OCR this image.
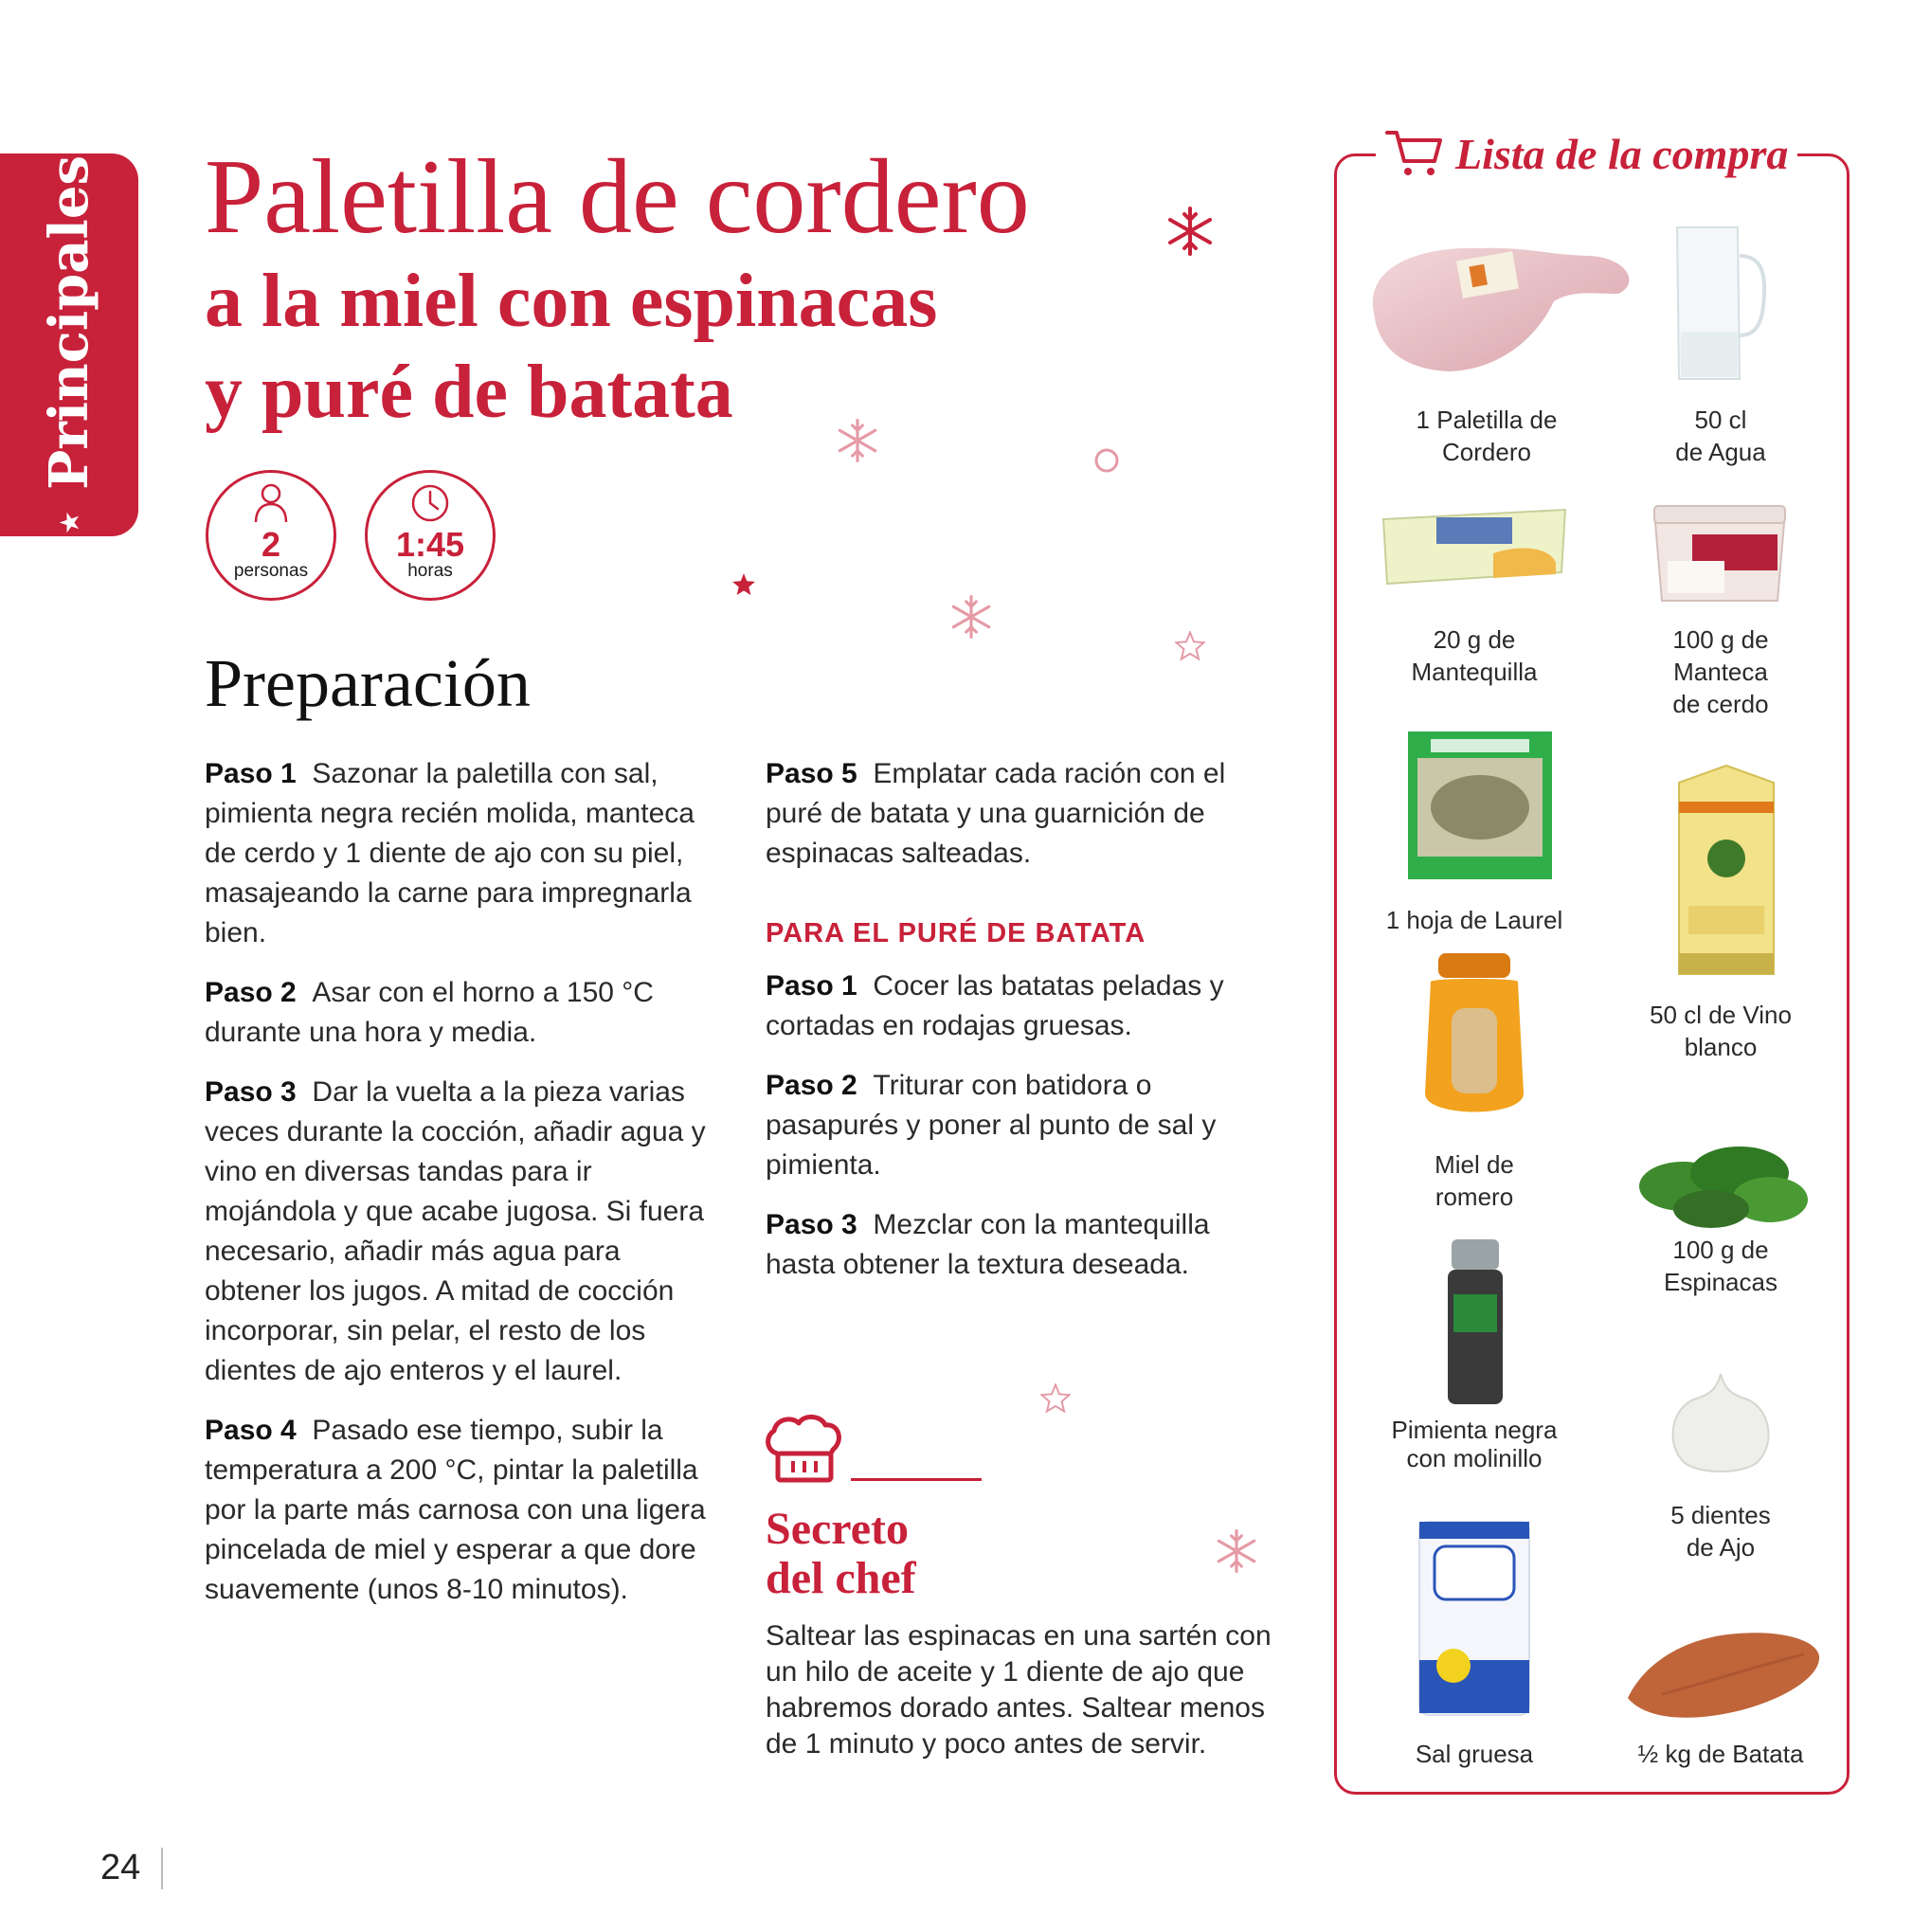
★
Principales Paletilla de cordero
a la miel con espinacas
y puré de batata
2
personas
1:45
horas
Preparación

Paso 1 Sazonar la paletilla con sal, pimienta negra recién molida, manteca de cerdo y 1 diente de ajo con su piel, masajeando la carne para impregnarla bien.

Paso 2 Asar con el horno a 150 °C durante una hora y media.

Paso 3 Dar la vuelta a la pieza varias veces durante la cocción, añadir agua y vino en diversas tandas para ir mojándola y que acabe jugosa. Si fuera necesario, añadir más agua para obtener los jugos. A mitad de cocción incorporar, sin pelar, el resto de los dientes de ajo enteros y el laurel.

Paso 4 Pasado ese tiempo, subir la temperatura a 200 °C, pintar la paletilla por la parte más carnosa con una ligera pincelada de miel y esperar a que dore suavemente (unos 8-10 minutos).

Paso 5 Emplatar cada ración con el puré de batata y una guarnición de espinacas salteadas.

PARA EL PURÉ DE BATATA

Paso 1 Cocer las batatas peladas y cortadas en rodajas gruesas.

Paso 2 Triturar con batidora o pasapurés y poner al punto de sal y pimienta.

Paso 3 Mezclar con la mantequilla hasta obtener la textura deseada.

Secreto
del chef
Saltear las espinacas en una sartén con un hilo de aceite y 1 diente de ajo que habremos dorado antes. Saltear menos de 1 minuto y poco antes de servir.
Lista de la compra
1 Paletilla de
Cordero
50 cl
de Agua
20 g de
Mantequilla
100 g de
Manteca
de cerdo
1 hoja de Laurel
50 cl de Vino
blanco
Miel de
romero
100 g de
Espinacas
Pimienta negra
con molinillo
5 dientes
de Ajo
Sal gruesa	½ kg de Batata
24
